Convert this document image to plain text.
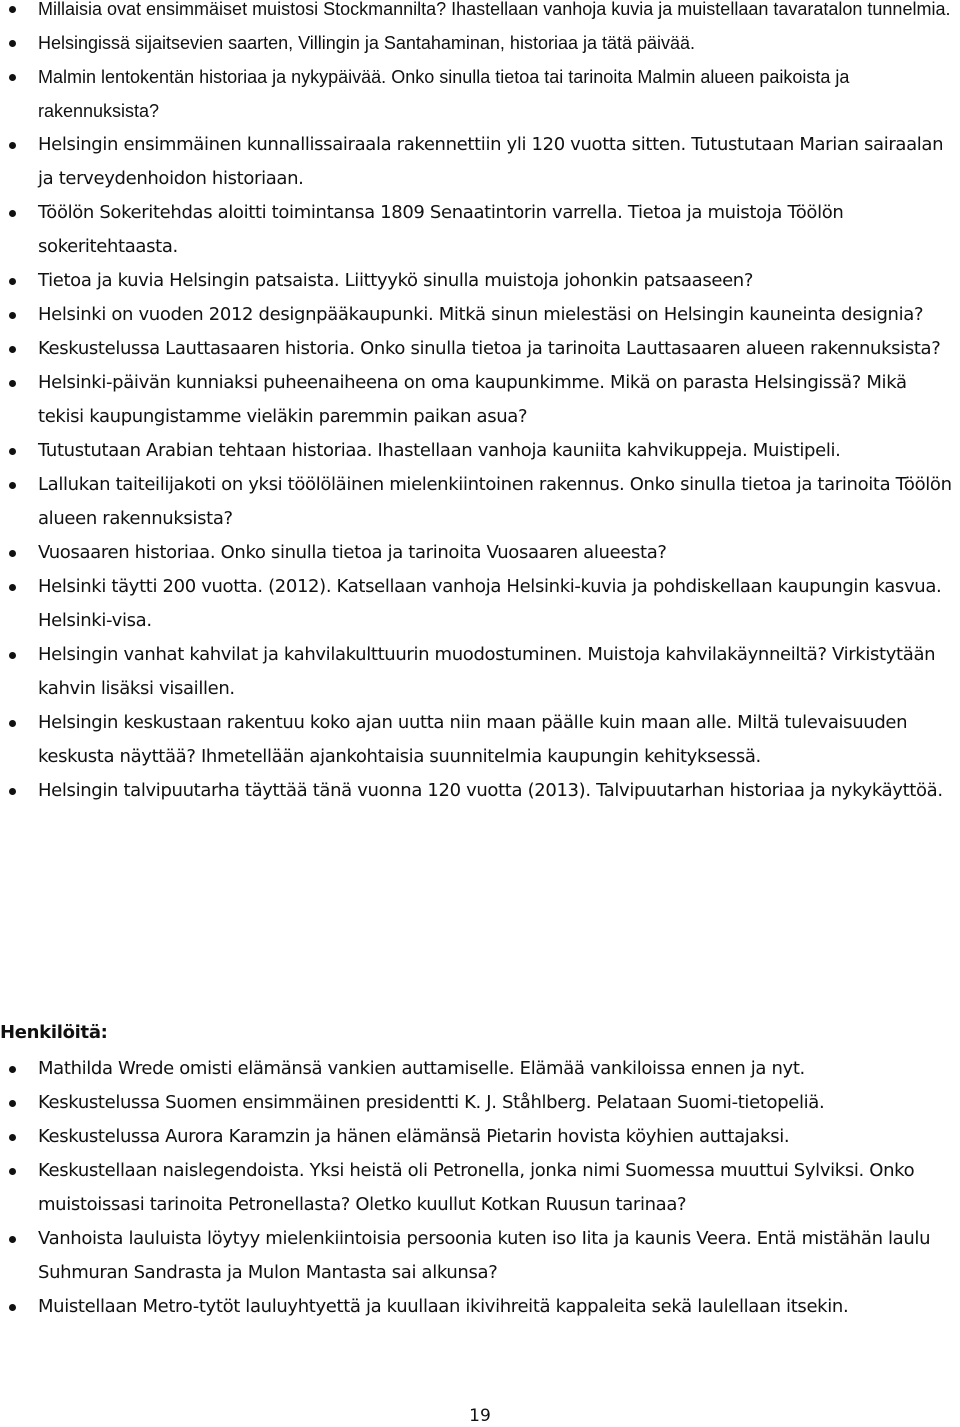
Millaisia ovat ensimmäiset muistosi Stockmannilta? Ihastellaan vanhoja kuvia ja muistellaan tavaratalon tunnelmia.
Helsingissä sijaitsevien saarten, Villingin ja Santahaminan, historiaa ja tätä päivää.
Malmin lentokentän historiaa ja nykypäivää. Onko sinulla tietoa tai tarinoita Malmin alueen paikoista ja rakennuksista?
Helsingin ensimmäinen kunnallissairaala rakennettiin yli 120 vuotta sitten. Tutustutaan Marian sairaalan ja terveydenhoidon historiaan.
Töölön Sokeritehdas aloitti toimintansa 1809 Senaatintorin varrella. Tietoa ja muistoja Töölön sokeritehtaasta.
Tietoa ja kuvia Helsingin patsaista. Liittyykö sinulla muistoja johonkin patsaaseen?
Helsinki on vuoden 2012 designpääkaupunki. Mitkä sinun mielestäsi on Helsingin kauneinta designia?
Keskustelussa Lauttasaaren historia. Onko sinulla tietoa ja tarinoita Lauttasaaren alueen rakennuksista?
Helsinki-päivän kunniaksi puheenaiheena on oma kaupunkimme. Mikä on parasta Helsingissä? Mikä tekisi kaupungistamme vieläkin paremmin paikan asua?
Tutustutaan Arabian tehtaan historiaa. Ihastellaan vanhoja kauniita kahvikuppeja. Muistipeli.
Lallukan taiteilijakoti on yksi töölöläinen mielenkiintoinen rakennus. Onko sinulla tietoa ja tarinoita Töölön alueen rakennuksista?
Vuosaaren historiaa. Onko sinulla tietoa ja tarinoita Vuosaaren alueesta?
Helsinki täytti 200 vuotta. (2012). Katsellaan vanhoja Helsinki-kuvia ja pohdiskellaan kaupungin kasvua. Helsinki-visa.
Helsingin vanhat kahvilat ja kahvilakulttuurin muodostuminen. Muistoja kahvilakäynneiltä? Virkistytään kahvin lisäksi visaillen.
Helsingin keskustaan rakentuu koko ajan uutta niin maan päälle kuin maan alle. Miltä tulevaisuuden keskusta näyttää? Ihmetellään ajankohtaisia suunnitelmia kaupungin kehityksessä.
Helsingin talvipuutarha täyttää tänä vuonna 120 vuotta (2013). Talvipuutarhan historiaa ja nykykäyttöä.
Henkilöitä:
Mathilda Wrede omisti elämänsä vankien auttamiselle. Elämää vankiloissa ennen ja nyt.
Keskustelussa Suomen ensimmäinen presidentti K. J. Ståhlberg. Pelataan Suomi-tietopeliä.
Keskustelussa Aurora Karamzin ja hänen elämänsä Pietarin hovista köyhien auttajaksi.
Keskustellaan naislegendoista. Yksi heistä oli Petronella, jonka nimi Suomessa muuttui Sylviksi. Onko muistoissasi tarinoita Petronellasta? Oletko kuullut Kotkan Ruusun tarinaa?
Vanhoista lauluista löytyy mielenkiintoisia persoonia kuten iso Iita ja kaunis Veera. Entä mistähän laulu Suhmuran Sandrasta ja Mulon Mantasta sai alkunsa?
Muistellaan Metro-tytöt lauluyhtyettä ja kuullaan ikivihreitä kappaleita sekä laulellaan itsekin.
19
